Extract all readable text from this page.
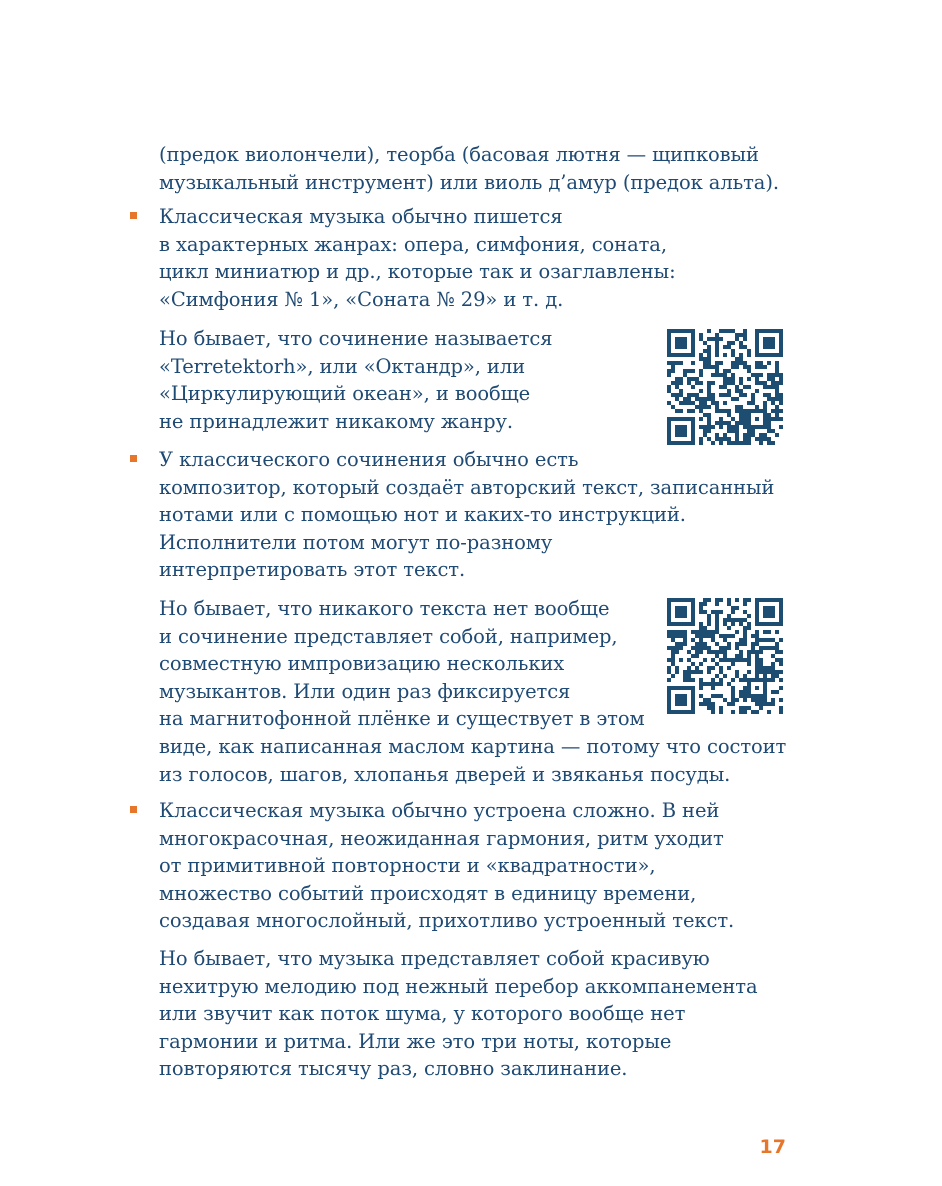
(предок виолончели), теорба (басовая лютня — щипковый
музыкальный инструмент) или виоль д’амур (предок альта).
Классическая музыка обычно пишется
в характерных жанрах: опера, симфония, соната,
цикл миниатюр и др., которые так и озаглавлены:
«Симфония № 1», «Соната № 29» и т. д.
Но бывает, что сочинение называется
«Terretektorh», или «Октандр», или
«Циркулирующий океан», и вообще
не принадлежит никакому жанру.
У классического сочинения обычно есть
композитор, который создаёт авторский текст, записанный
нотами или с помощью нот и каких-то инструкций.
Исполнители потом могут по-разному
интерпретировать этот текст.
Но бывает, что никакого текста нет вообще
и сочинение представляет собой, например,
совместную импровизацию нескольких
музыкантов. Или один раз фиксируется
на магнитофонной плёнке и существует в этом
виде, как написанная маслом картина — потому что состоит
из голосов, шагов, хлопанья дверей и звяканья посуды.
Классическая музыка обычно устроена сложно. В ней
многокрасочная, неожиданная гармония, ритм уходит
от примитивной повторности и «квадратности»,
множество событий происходят в единицу времени,
создавая многослойный, прихотливо устроенный текст.
Но бывает, что музыка представляет собой красивую
нехитрую мелодию под нежный перебор аккомпанемента
или звучит как поток шума, у которого вообще нет
гармонии и ритма. Или же это три ноты, которые
повторяются тысячу раз, словно заклинание.
17
